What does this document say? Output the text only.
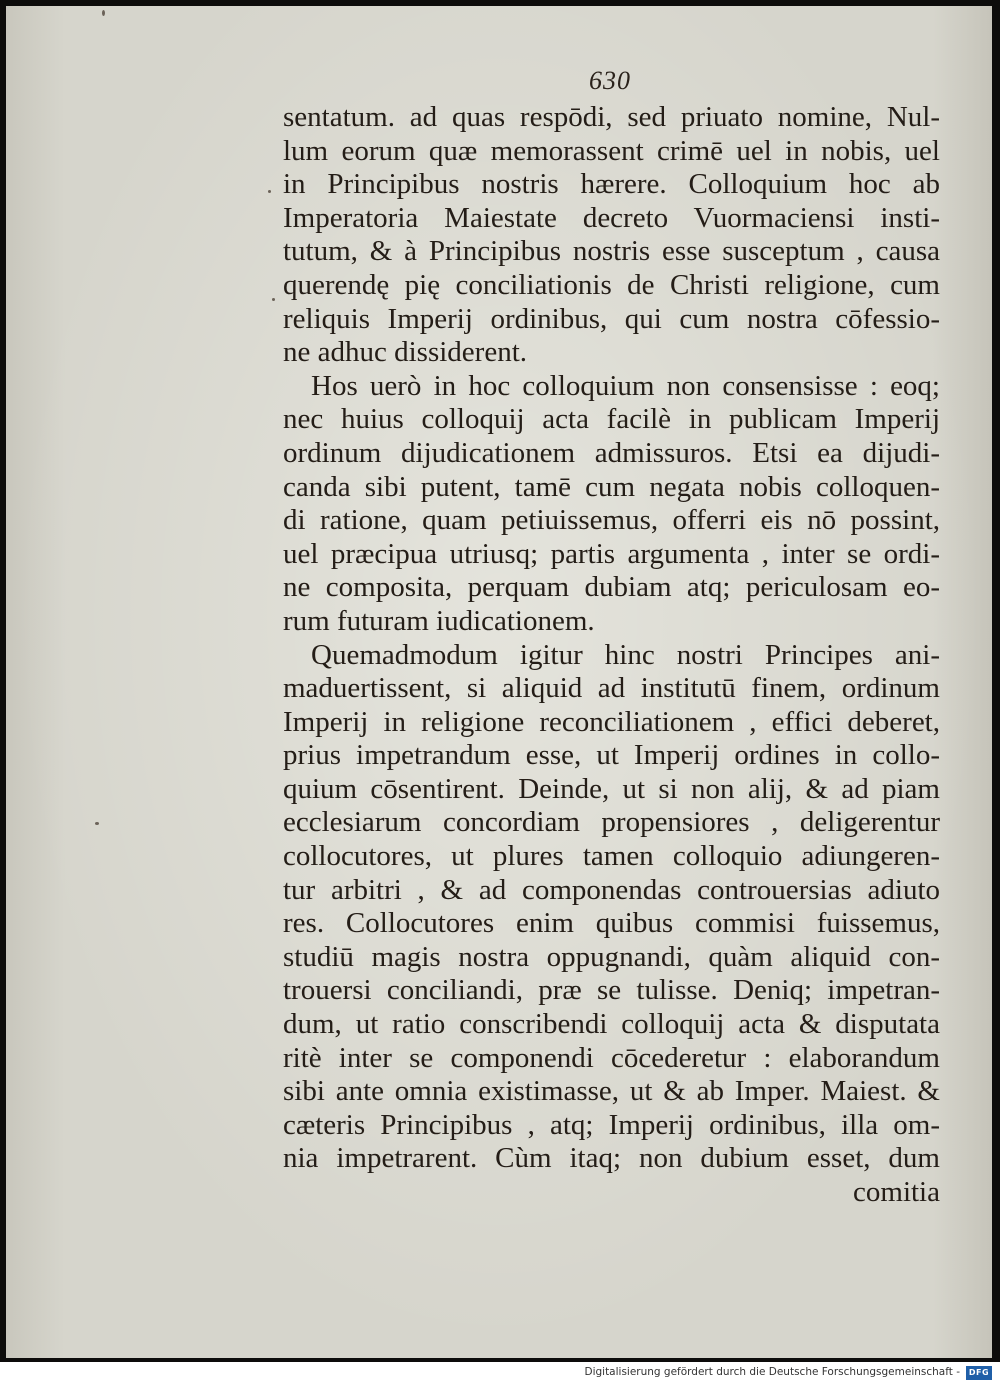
630

sentatum. ad quas respōdi, sed priuato nomine, Nul-

lum eorum quæ memorassent crimē uel in nobis, uel

in Principibus nostris hærere. Colloquium hoc ab

Imperatoria Maiestate decreto Vuormaciensi insti-

tutum, & à Principibus nostris esse susceptum , causa

querendę pię conciliationis de Christi religione, cum

reliquis Imperij ordinibus, qui cum nostra cōfessio-

ne adhuc dissiderent.

Hos uerò in hoc colloquium non consensisse : eoq;

nec huius colloquij acta facilè in publicam Imperij

ordinum dijudicationem admissuros. Etsi ea dijudi-

canda sibi putent, tamē cum negata nobis colloquen-

di ratione, quam petiuissemus, offerri eis nō possint,

uel præcipua utriusq; partis argumenta , inter se ordi-

ne composita, perquam dubiam atq; periculosam eo-

rum futuram iudicationem.

Quemadmodum igitur hinc nostri Principes ani-

maduertissent, si aliquid ad institutū finem, ordinum

Imperij in religione reconciliationem , effici deberet,

prius impetrandum esse, ut Imperij ordines in collo-

quium cōsentirent. Deinde, ut si non alij, & ad piam

ecclesiarum concordiam propensiores , deligerentur

collocutores, ut plures tamen colloquio adiungeren-

tur arbitri , & ad componendas controuersias adiuto

res. Collocutores enim quibus commisi fuissemus,

studiū magis nostra oppugnandi, quàm aliquid con-

trouersi conciliandi, præ se tulisse. Deniq; impetran-

dum, ut ratio conscribendi colloquij acta & disputata

ritè inter se componendi cōcederetur : elaborandum

sibi ante omnia existimasse, ut & ab Imper. Maiest. &

cæteris Principibus , atq; Imperij ordinibus, illa om-

nia impetrarent. Cùm itaq; non dubium esset, dum

comitia

Digitalisierung gefördert durch die Deutsche Forschungsgemeinschaft -	DFG
